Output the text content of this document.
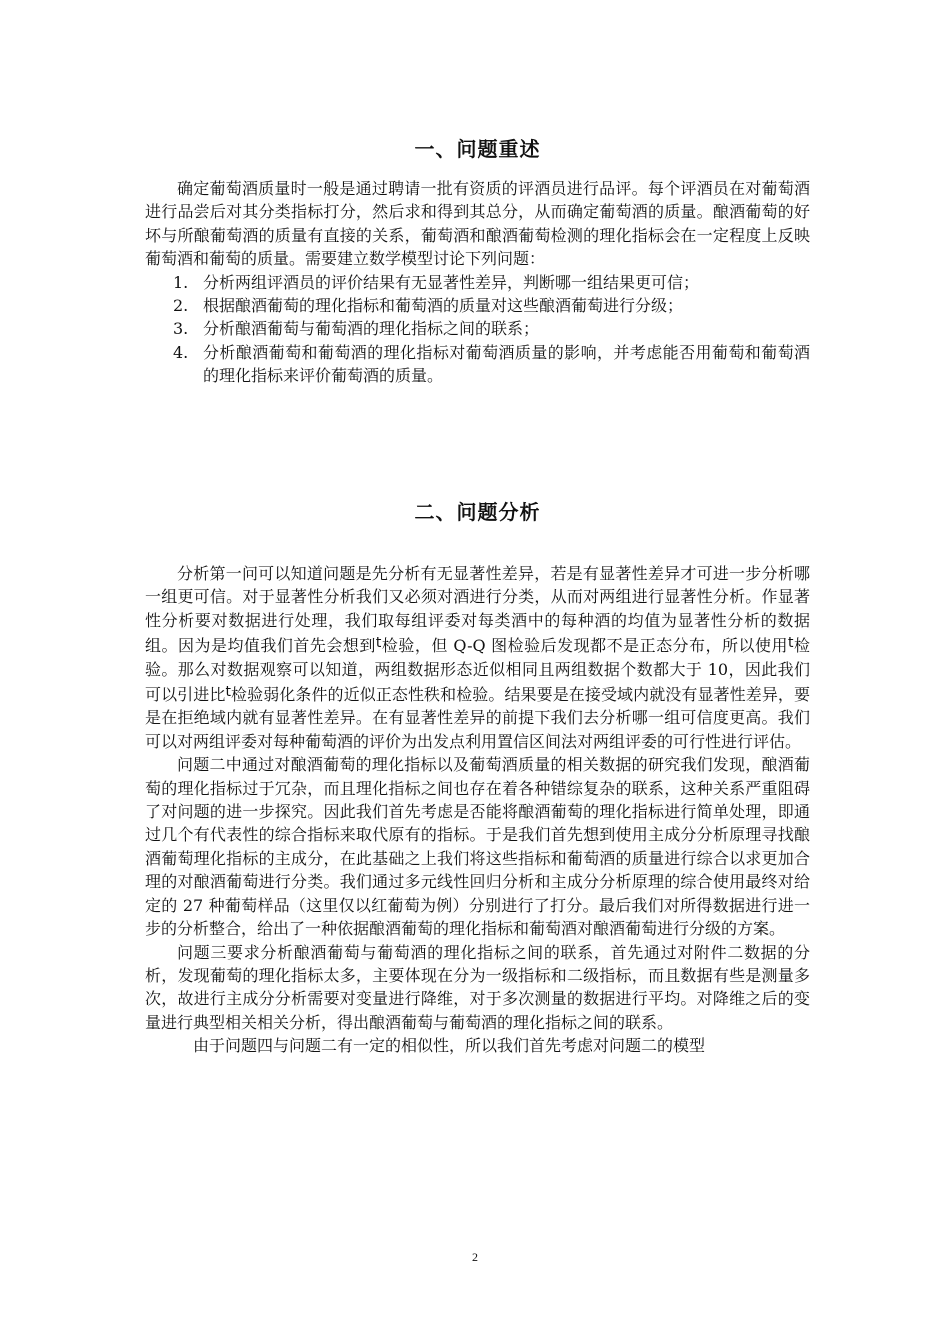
一、问题重述

确定葡萄酒质量时一般是通过聘请一批有资质的评酒员进行品评。每个评酒员在对葡萄酒进行品尝后对其分类指标打分，然后求和得到其总分，从而确定葡萄酒的质量。酿酒葡萄的好坏与所酿葡萄酒的质量有直接的关系，葡萄酒和酿酒葡萄检测的理化指标会在一定程度上反映葡萄酒和葡萄的质量。需要建立数学模型讨论下列问题：

1. 分析两组评酒员的评价结果有无显著性差异，判断哪一组结果更可信；
2. 根据酿酒葡萄的理化指标和葡萄酒的质量对这些酿酒葡萄进行分级；
3. 分析酿酒葡萄与葡萄酒的理化指标之间的联系；
4. 分析酿酒葡萄和葡萄酒的理化指标对葡萄酒质量的影响，并考虑能否用葡萄和葡萄酒的理化指标来评价葡萄酒的质量。
二、问题分析

分析第一问可以知道问题是先分析有无显著性差异，若是有显著性差异才可进一步分析哪一组更可信。对于显著性分析我们又必须对酒进行分类，从而对两组进行显著性分析。作显著性分析要对数据进行处理，我们取每组评委对每类酒中的每种酒的均值为显著性分析的数据组。因为是均值我们首先会想到t检验，但 Q-Q 图检验后发现都不是正态分布，所以使用t检验。那么对数据观察可以知道，两组数据形态近似相同且两组数据个数都大于 10，因此我们可以引进比t检验弱化条件的近似正态性秩和检验。结果要是在接受域内就没有显著性差异，要是在拒绝域内就有显著性差异。在有显著性差异的前提下我们去分析哪一组可信度更高。我们可以对两组评委对每种葡萄酒的评价为出发点利用置信区间法对两组评委的可行性进行评估。

问题二中通过对酿酒葡萄的理化指标以及葡萄酒质量的相关数据的研究我们发现，酿酒葡萄的理化指标过于冗杂，而且理化指标之间也存在着各种错综复杂的联系，这种关系严重阻碍了对问题的进一步探究。因此我们首先考虑是否能将酿酒葡萄的理化指标进行简单处理，即通过几个有代表性的综合指标来取代原有的指标。于是我们首先想到使用主成分分析原理寻找酿酒葡萄理化指标的主成分，在此基础之上我们将这些指标和葡萄酒的质量进行综合以求更加合理的对酿酒葡萄进行分类。我们通过多元线性回归分析和主成分分析原理的综合使用最终对给定的 27 种葡萄样品（这里仅以红葡萄为例）分别进行了打分。最后我们对所得数据进行进一步的分析整合，给出了一种依据酿酒葡萄的理化指标和葡萄酒对酿酒葡萄进行分级的方案。

问题三要求分析酿酒葡萄与葡萄酒的理化指标之间的联系，首先通过对附件二数据的分析，发现葡萄的理化指标太多，主要体现在分为一级指标和二级指标，而且数据有些是测量多次，故进行主成分分析需要对变量进行降维，对于多次测量的数据进行平均。对降维之后的变量进行典型相关相关分析，得出酿酒葡萄与葡萄酒的理化指标之间的联系。

由于问题四与问题二有一定的相似性，所以我们首先考虑对问题二的模型

2
